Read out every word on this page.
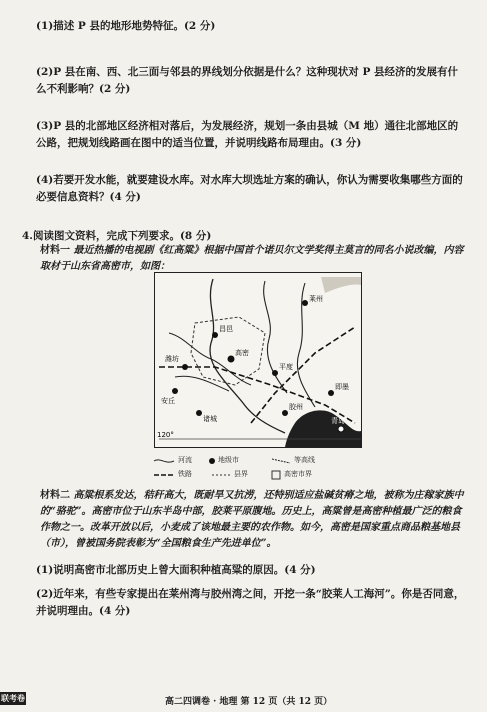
(1)描述 P 县的地形地势特征。(2 分)
(2)P 县在南、西、北三面与邻县的界线划分依据是什么？这种现状对 P 县经济的发展有什么不利影响？(2 分)
(3)P 县的北部地区经济相对落后，为发展经济，规划一条由县城（M 地）通往北部地区的公路，把规划线路画在图中的适当位置，并说明线路布局理由。(3 分)
(4)若要开发水能，就要建设水库。对水库大坝选址方案的确认，你认为需要收集哪些方面的必要信息资料？(4 分)
4.阅读图文资料，完成下列要求。(8 分)
材料一 最近热播的电视剧《红高粱》根据中国首个诺贝尔文学奖得主莫言的同名小说改编，内容取材于山东省高密市，如图：
潍坊
昌邑
高密
平度
胶州
莱州
即墨
青岛
诸城
安丘
120°
河流	地级市	等高线
铁路	县界	高密市界
材料二 高粱根系发达，秸秆高大，既耐旱又抗涝，还特别适应盐碱贫瘠之地，被称为庄稼家族中的“骆驼”。高密市位于山东半岛中部，胶莱平原腹地。历史上，高粱曾是高密种植最广泛的粮食作物之一。改革开放以后，小麦成了该地最主要的农作物。如今，高密是国家重点商品粮基地县（市），曾被国务院表彰为“全国粮食生产先进单位”。
(1)说明高密市北部历史上曾大面积种植高粱的原因。(4 分)
(2)近年来，有些专家提出在莱州湾与胶州湾之间，开挖一条“胶莱人工海河”。你是否同意，并说明理由。(4 分)
联考卷	高二四调卷 · 地理 第 12 页（共 12 页）
